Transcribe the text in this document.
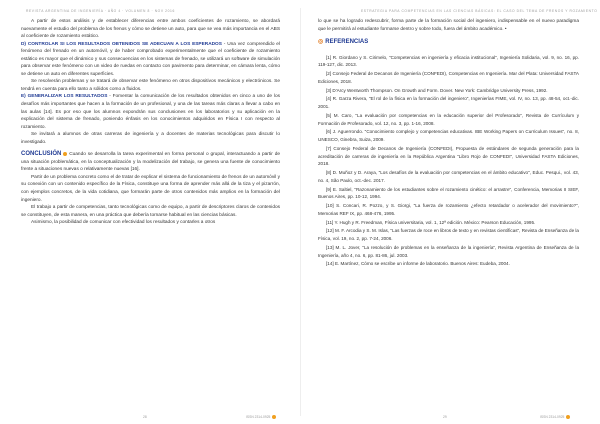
REVISTA ARGENTINA DE INGENIERÍA · AÑO 4 · VOLUMEN 8 · NOV 2016

A partir de estos análisis y de establecer diferencias entre ambos coeficientes de rozamiento, se abordará nuevamente el estudio del problema de los frenos y cómo se detiene un auto, para que se vea más importancia en el ABS al coeficiente de rozamiento estático.

D) CONTROLAR SI LOS RESULTADOS OBTENIDOS SE ADECUAN A LOS ESPERADOS - Una vez comprendido el fenómeno del frenado en un automóvil, y de haber comprobado experimentalmente que el coeficiente de rozamiento estático es mayor que el dinámico y sus consecuencias en los sistemas de frenado, se utilizará un software de simulación para observar este fenómeno con un video de ruedas en contacto con pavimento para determinar, en cámara lenta, cómo se detiene un auto en diferentes superficies.

Se resolverán problemas y se tratará de observar este fenómeno en otros dispositivos mecánicos y electrónicos. Se tendrá en cuenta para ello tanto a sólidos como a fluidos.

E) GENERALIZAR LOS RESULTADOS - Fomentar la comunicación de los resultados obtenidos en cinco a uno de los desafíos más importantes que hacen a la formación de un profesional, y una de las tareas más claras a llevar a cabo en las aulas [14]. Es por eso que los alumnos expondrán sus conclusiones en los laboratorios y su aplicación en la explicación del sistema de frenado, poniendo énfasis en los conocimientos adquiridos en Física I con respecto al rozamiento.

Se invitará a alumnos de otras carreras de ingeniería y a docentes de materias tecnológicas para discutir lo investigado.

CONCLUSIÓN Cuando se desarrolla la tarea experimental en forma personal o grupal, interactuando a partir de una situación problemática, en la conceptualización y la modelización del trabajo, se genera una fuente de conocimiento frente a situaciones nuevas o relativamente nuevas [16].

Partir de un problema concreto como el de tratar de explicar el sistema de funcionamiento de frenos de un automóvil y su conexión con un contenido específico de la Física, constituye una forma de aprender más allá de la tiza y el pizarrón, con ejemplos concretos, de la vida cotidiana, que formarán parte de otros contenidos más amplios en la formación del ingeniero.

El trabajo a partir de competencias, tanto tecnológicas como de equipo, a partir de descriptores claros de contenidos se constituyen, de esta manera, en una práctica que debería tornarse habitual en las ciencias básicas.

Asimismo, la posibilidad de comunicar con efectividad los resultados y contarles a otros

28	ISSN 2314-0925
ESTRATEGIA PARA COMPETENCIAS EN LAS CIENCIAS BÁSICAS: EL CASO DEL TEMA DE FRENOS Y ROZAMIENTO

lo que se ha logrado redescubrir, forma parte de la formación social del ingeniero, indispensable en el nuevo paradigma que le permitirá al estudiante formarse dentro y sobre todo, fuera del ámbito académico. •

◎ REFERENCIAS

[1] R. Giordano y S. Cirimelo, "Competencias en ingeniería y eficacia institucional", Ingeniería Solidaria, vol. 9, no. 16, pp. 119-127, dic. 2013.

[2] Consejo Federal de Decanos de Ingeniería (CONFEDI), Competencias en Ingeniería. Mar del Plata: Universidad FASTA Ediciones, 2018.

[3] D'Arcy Wentworth Thompson. On Growth and Form. Dover. New York: Cambridge University Press, 1992.

[4] R. Garza Rivera, "El rol de la física en la formación del ingeniero", Ingenierías FIME, vol. IV, no. 13, pp. 48-54, oct.-dic. 2001.

[5] M. Caro, "La evaluación por competencias en la educación superior del Profesorado", Revista de Currículum y Formación de Profesorado, vol. 12, no. 3, pp. 1-16, 2008.

[6] J. Aguerrondo. "Conocimiento complejo y competencias educativas. IBE Working Papers on Curriculum Issues", no. 8, UNESCO, Ginebra, Suiza, 2009.

[7] Consejo Federal de Decanos de Ingeniería (CONFEDI), Propuesta de estándares de segunda generación para la acreditación de carreras de ingeniería en la República Argentina "Libro Rojo de CONFEDI", Universidad FASTA Ediciones, 2018.

[8] D. Muñoz y D. Araya, "Los desafíos de la evaluación por competencias en el ámbito educativo", Educ. Pesqui., vol. 43, no. 4, São Paulo, oct.-dec. 2017.

[9] E. Saltiel, "Razonamiento de los estudiantes sobre el rozamiento cinético: el arrastre", Conferencia, Memorias II SIEF, Buenos Aires, pp. 10-12, 1994.

[10] S. Concari, R. Pozzo, y S. Giorgi, "La fuerza de rozamiento ¿efecto retardador o acelerador del movimiento?", Memorias REF IX, pp. 468-476, 1995.

[11] Y. Hugh y R. Freedman, Física universitaria, vol. 1, 12ª edición. México: Pearson Educación, 1995.

[12] M. F. Arcodia y S. M. Islas, "Las fuerzas de roce en libros de texto y en revistas científicas", Revista de Enseñanza de la Física, vol. 19, no. 2, pp. 7-24, 2006.

[13] M. L. Jover, "La resolución de problemas en la enseñanza de la ingeniería", Revista Argentina de Enseñanza de la Ingeniería, año 4, no. 6, pp. 81-86, jul. 2003.

[14] E. Martínez, Cómo se escribe un informe de laboratorio. Buenos Aires: Eudeba, 2004.

29	ISSN 2314-0925
